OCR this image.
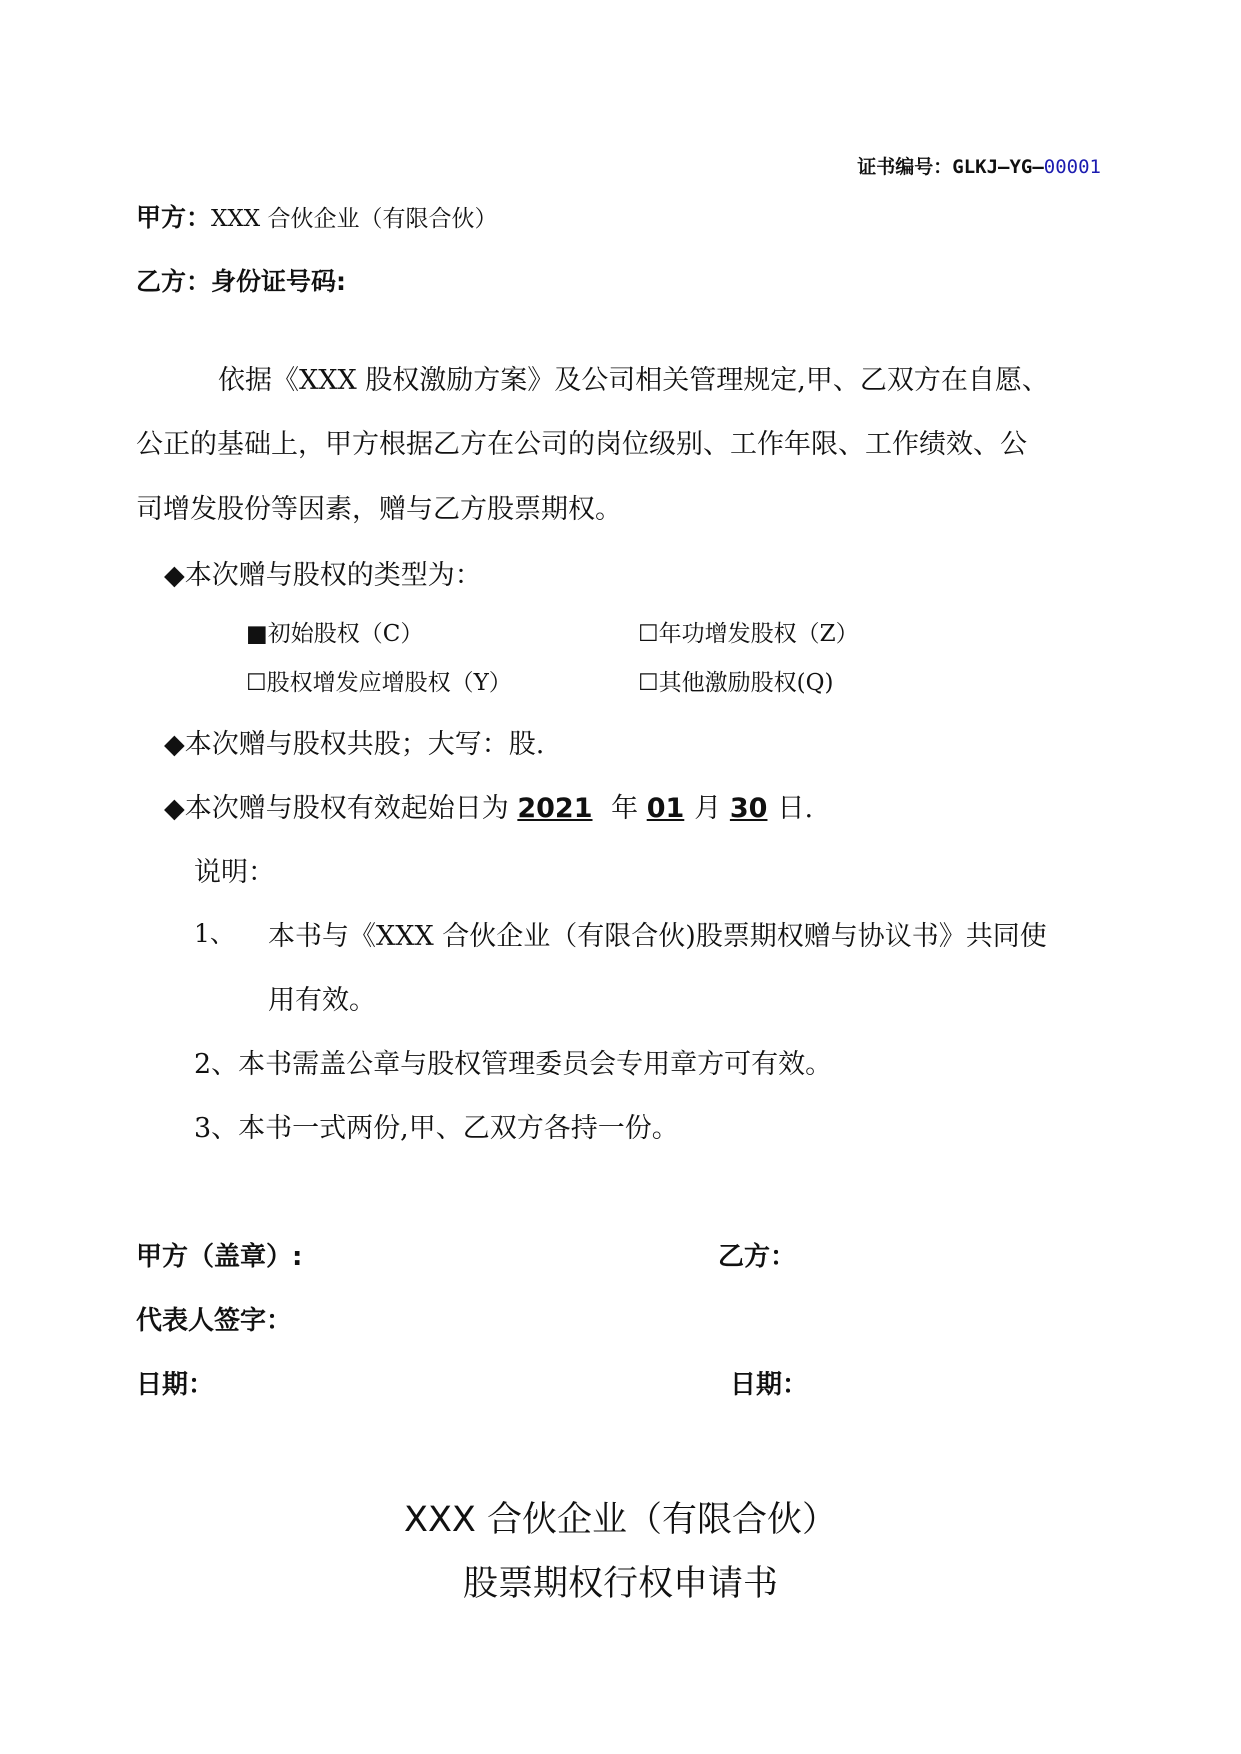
证书编号：GLKJ—YG—00001
甲方：XXX 合伙企业（有限合伙）
乙方：身份证号码:
依据《XXX 股权激励方案》及公司相关管理规定,甲、乙双方在自愿、
公正的基础上，甲方根据乙方在公司的岗位级别、工作年限、工作绩效、公
司增发股份等因素，赠与乙方股票期权。
◆本次赠与股权的类型为：
■初始股权（C）	☐年功增发股权（Z）
☐股权增发应增股权（Y）	☐其他激励股权(Q)
◆本次赠与股权共股；大写：股.
◆本次赠与股权有效起始日为 2021 年 01 月 30 日.
说明：
1、 本书与《XXX 合伙企业（有限合伙)股票期权赠与协议书》共同使
用有效。
2、本书需盖公章与股权管理委员会专用章方可有效。
3、本书一式两份,甲、乙双方各持一份。
甲方（盖章）:	乙方：
代表人签字：
日期：	日期：
XXX 合伙企业（有限合伙）
股票期权行权申请书
